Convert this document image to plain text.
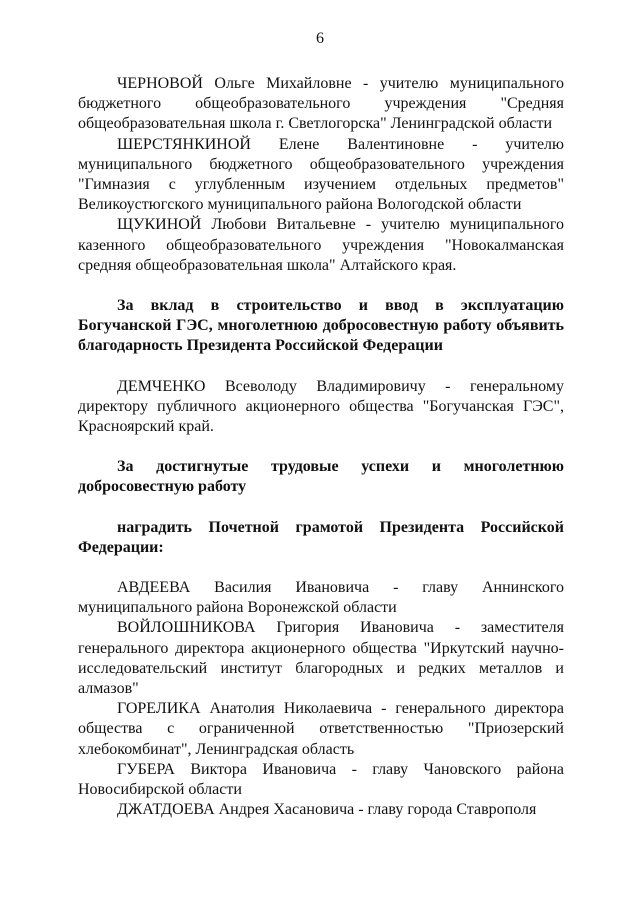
6

ЧЕРНОВОЙ Ольге Михайловне - учителю муниципального бюджетного общеобразовательного учреждения "Средняя общеобразовательная школа г. Светлогорска" Ленинградской области

ШЕРСТЯНКИНОЙ Елене Валентиновне - учителю муниципального бюджетного общеобразовательного учреждения "Гимназия с углубленным изучением отдельных предметов" Великоустюгского муниципального района Вологодской области

ЩУКИНОЙ Любови Витальевне - учителю муниципального казенного общеобразовательного учреждения "Новокалманская средняя общеобразовательная школа" Алтайского края.

За вклад в строительство и ввод в эксплуатацию Богучанской ГЭС, многолетнюю добросовестную работу объявить благодарность Президента Российской Федерации

ДЕМЧЕНКО Всеволоду Владимировичу - генеральному директору публичного акционерного общества "Богучанская ГЭС", Красноярский край.

За достигнутые трудовые успехи и многолетнюю добросовестную работу

наградить Почетной грамотой Президента Российской Федерации:

АВДЕЕВА Василия Ивановича - главу Аннинского муниципального района Воронежской области

ВОЙЛОШНИКОВА Григория Ивановича - заместителя генерального директора акционерного общества "Иркутский научно-исследовательский институт благородных и редких металлов и алмазов"

ГОРЕЛИКА Анатолия Николаевича - генерального директора общества с ограниченной ответственностью "Приозерский хлебокомбинат", Ленинградская область

ГУБЕРА Виктора Ивановича - главу Чановского района Новосибирской области

ДЖАТДОЕВА Андрея Хасановича - главу города Ставрополя
